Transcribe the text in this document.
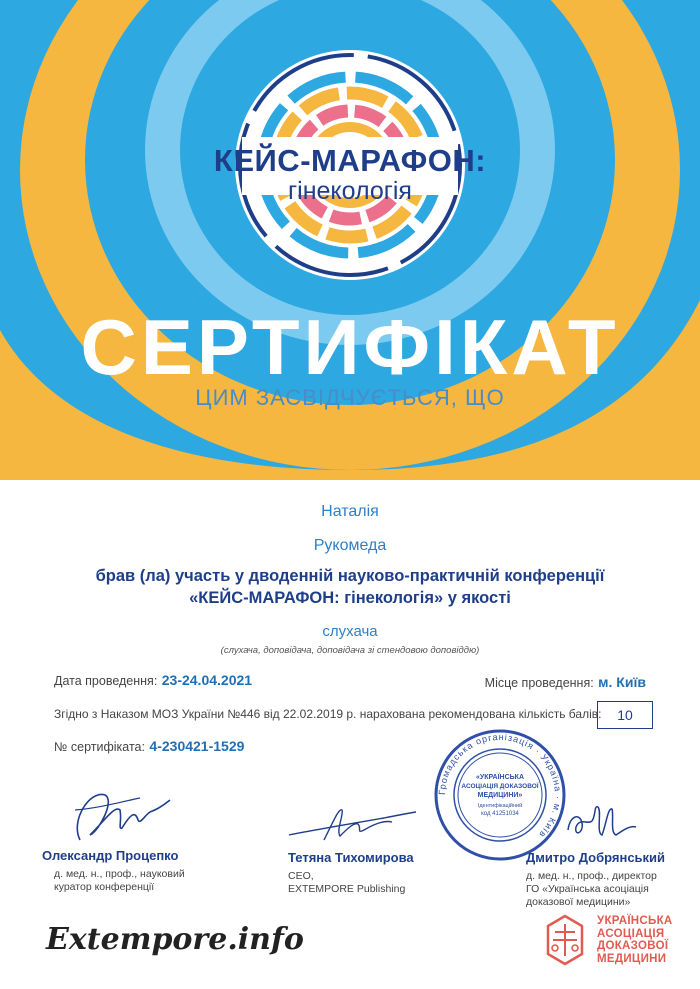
КЕЙС-МАРАФОН:
гінекологія
СЕРТИФІКАТ
ЦИМ ЗАСВІДЧУЄТЬСЯ, ЩО
Наталія
Рукомеда
брав (ла) участь у дводенній науково-практичній конференції
«КЕЙС-МАРАФОН: гінекологія» у якості
слухача
(слухача, доповідача, доповідача зі стендовою доповіддю)
Дата проведення: 23-24.04.2021	Місце проведення: м. Київ
Згідно з Наказом МОЗ України №446 від 22.02.2019 р. нарахована рекомендована кількість балів:	10
№ сертифіката: 4-230421-1529
Громадська організація · Україна · м. Київ
«УКРАЇНСЬКА
АСОЦІАЦІЯ ДОКАЗОВОЇ
МЕДИЦИНИ»
Ідентифікаційний
код 41251034
Олександр Процепко
д. мед. н., проф., науковий
куратор конференції
Тетяна Тихомирова
CEO,
EXTEMPORE Publishing
Дмитро Добрянський
д. мед. н., проф., директор
ГО «Українська асоціація
доказової медицини»
Extempore.info
УКРАЇНСЬКА
АСОЦІАЦІЯ
ДОКАЗОВОЇ
МЕДИЦИНИ
